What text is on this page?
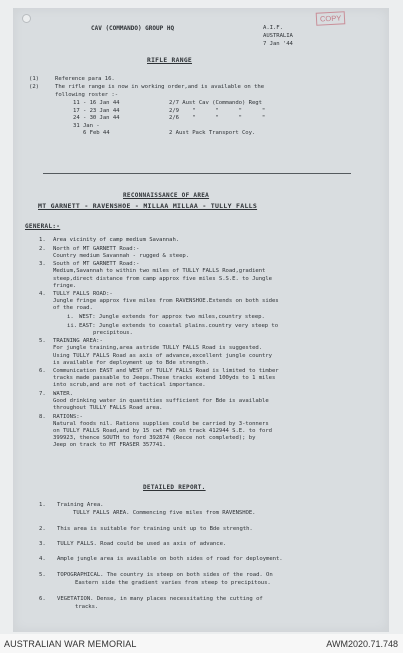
COPY
CAV (COMMANDO) GROUP HQ	A.I.F.
AUSTRALIA
7 Jan '44
RIFLE RANGE
(1)	Reference para 16.
(2)	The rifle range is now in working order,and is available on the
following roster :-
11 - 16 Jan 44	2/7 Aust Cav (Commando) Regt
17 - 23 Jan 44	2/9    "      "      "      "
24 - 30 Jan 44	2/6    "      "      "      "
31 Jan -
6 Feb 44	2 Aust Pack Transport Coy.
RECONNAISSANCE OF AREA
MT GARNETT - RAVENSHOE - MILLAA MILLAA - TULLY FALLS
GENERAL:-
1. Area vicinity of camp medium Savannah.
2. North of MT GARNETT Road:-
Country medium Savannah - rugged & steep.
3. South of MT GARNETT Road:-
Medium,Savannah to within two miles of TULLY FALLS Road,gradient
steep,direct distance from camp approx five miles S.S.E. to Jungle
fringe.
4. TULLY FALLS ROAD:-
Jungle fringe approx five miles from RAVENSHOE.Extends on both sides
of the road.
i. WEST: Jungle extends for approx two miles,country steep.
ii. EAST: Jungle extends to coastal plains.country very steep to
precipitous.
5. TRAINING AREA:-
For jungle training,area astride TULLY FALLS Road is suggested.
Using TULLY FALLS Road as axis of advance,excellent jungle country
is available for deployment up to Bde strength.
6. Communication EAST and WEST of TULLY FALLS Road is limited to timber
tracks made passable to Jeeps.These tracks extend 100yds to 1 miles
into scrub,and are not of tactical importance.
7. WATER.
Good drinking water in quantities sufficient for Bde is available
throughout TULLY FALLS Road area.
8. RATIONS:-
Natural foods nil. Rations supplies could be carried by 3-tonners
on TULLY FALLS Road,and by 15 cwt FWD on track 412944 S.E. to ford
399923, thence SOUTH to ford 392874 (Recce not completed); by
Jeep on track to MT FRASER 357741.
DETAILED REPORT.
1. Training Area.
TULLY FALLS AREA. Commencing five miles from RAVENSHOE.
2. This area is suitable for training unit up to Bde strength.
3. TULLY FALLS. Road could be used as axis of advance.
4. Ample jungle area is available on both sides of road for deployment.
5. TOPOGRAPHICAL. The country is steep on both sides of the road. On
Eastern side the gradient varies from steep to precipitous.
6. VEGETATION. Dense, in many places necessitating the cutting of
tracks.
AUSTRALIAN WAR MEMORIAL	AWM2020.71.748
